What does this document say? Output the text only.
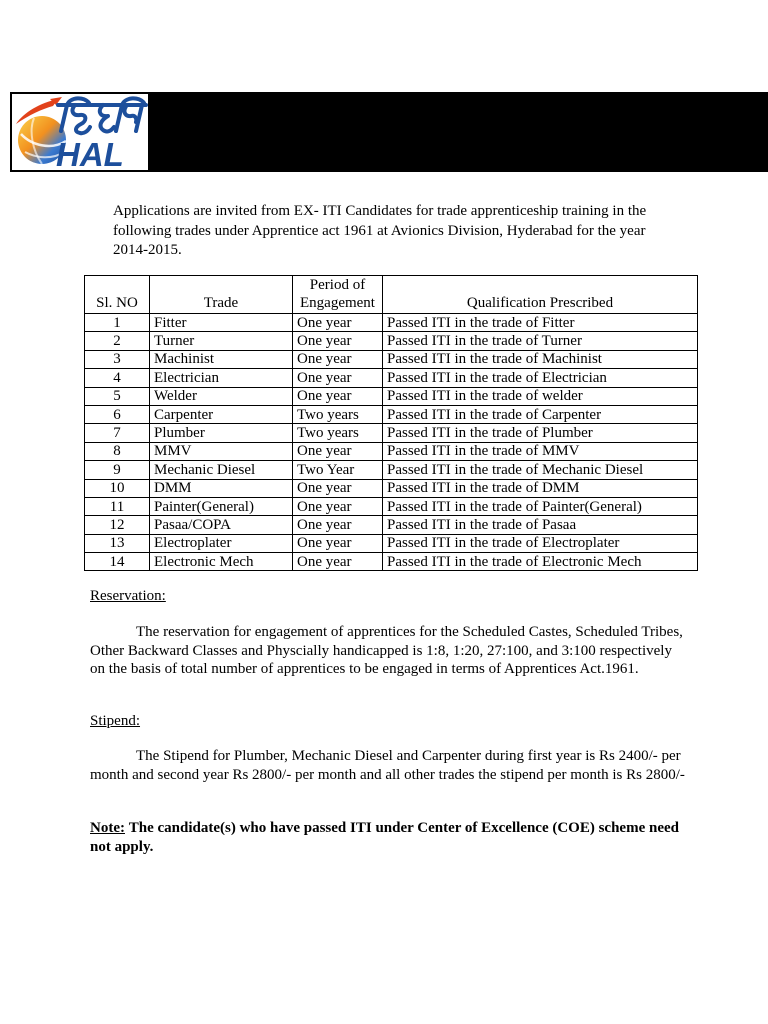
HAL
Applications are invited from EX- ITI Candidates for trade apprenticeship training in the
following trades under Apprentice act 1961 at Avionics Division, Hyderabad for the year
2014-2015.
Sl. NO	Trade	Period of Engagement	Qualification Prescribed
1	Fitter	One year	Passed ITI in the trade of Fitter
2	Turner	One year	Passed ITI in the trade of Turner
3	Machinist	One year	Passed ITI in the trade of Machinist
4	Electrician	One year	Passed ITI in the trade of Electrician
5	Welder	One year	Passed ITI in the trade of welder
6	Carpenter	Two years	Passed ITI in the trade of Carpenter
7	Plumber	Two years	Passed ITI in the trade of Plumber
8	MMV	One year	Passed ITI in the trade of MMV
9	Mechanic Diesel	Two Year	Passed ITI in the trade of Mechanic Diesel
10	DMM	One year	Passed ITI in the trade of DMM
11	Painter(General)	One year	Passed ITI in the trade of Painter(General)
12	Pasaa/COPA	One year	Passed ITI in the trade of Pasaa
13	Electroplater	One year	Passed ITI in the trade of Electroplater
14	Electronic Mech	One year	Passed ITI in the trade of Electronic Mech
Reservation:
The reservation for engagement of apprentices for the Scheduled Castes, Scheduled Tribes,
Other Backward Classes and Physcially handicapped is 1:8, 1:20, 27:100, and 3:100 respectively
on the basis of total number of apprentices to be engaged in terms of Apprentices Act.1961.
Stipend:
The Stipend for Plumber, Mechanic Diesel and Carpenter during first year is Rs 2400/- per
month and second year Rs 2800/- per month and all other trades the stipend per month is Rs 2800/-
Note: The candidate(s) who have passed ITI under Center of Excellence (COE) scheme need
not apply.
